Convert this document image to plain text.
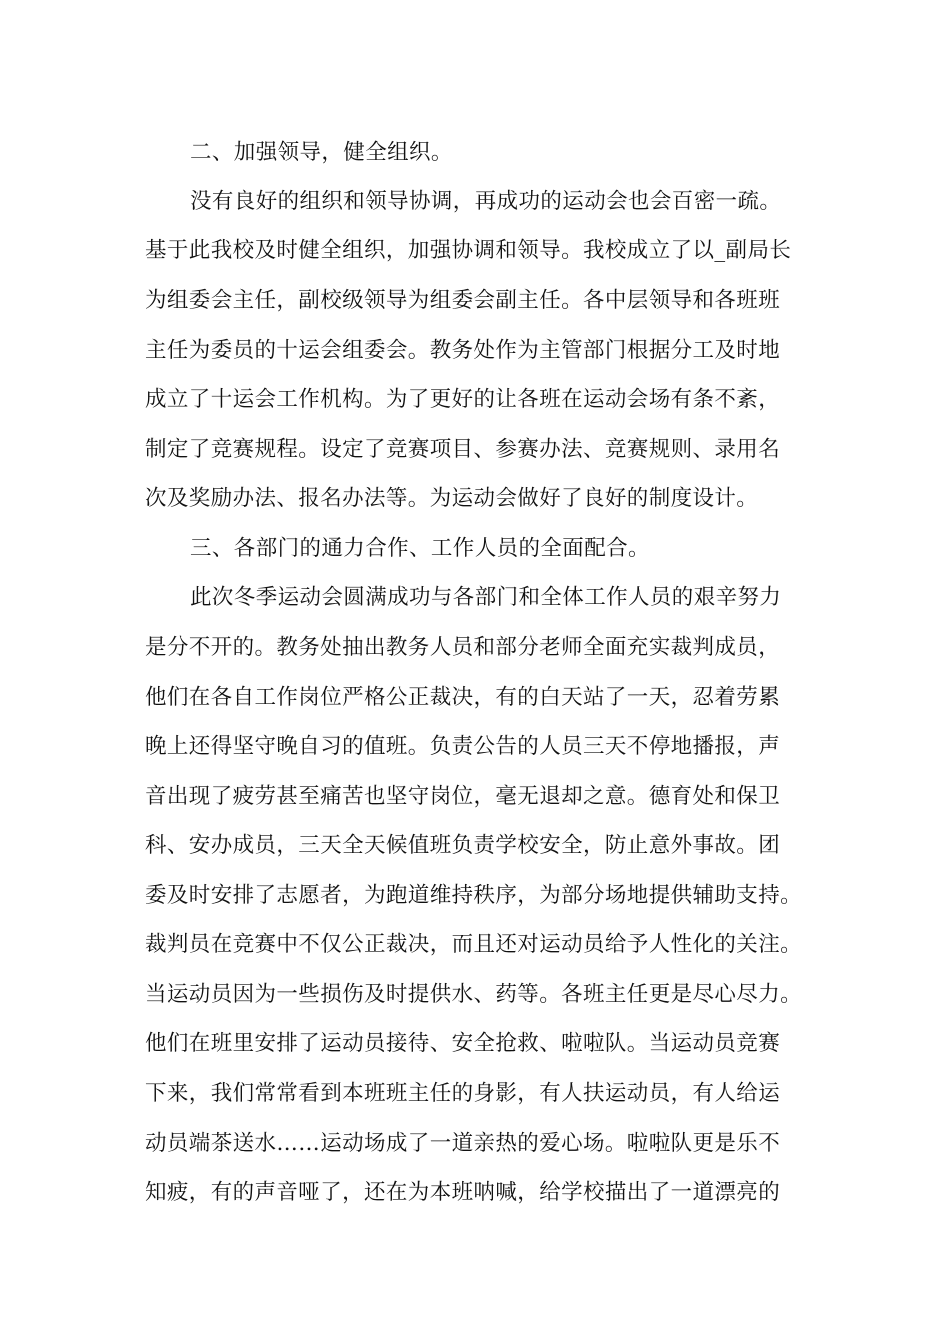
二、加强领导，健全组织。

没有良好的组织和领导协调，再成功的运动会也会百密一疏。

基于此我校及时健全组织，加强协调和领导。我校成立了以_副局长

为组委会主任，副校级领导为组委会副主任。各中层领导和各班班

主任为委员的十运会组委会。教务处作为主管部门根据分工及时地

成立了十运会工作机构。为了更好的让各班在运动会场有条不紊，

制定了竞赛规程。设定了竞赛项目、参赛办法、竞赛规则、录用名

次及奖励办法、报名办法等。为运动会做好了良好的制度设计。

三、各部门的通力合作、工作人员的全面配合。

此次冬季运动会圆满成功与各部门和全体工作人员的艰辛努力

是分不开的。教务处抽出教务人员和部分老师全面充实裁判成员，

他们在各自工作岗位严格公正裁决，有的白天站了一天，忍着劳累

晚上还得坚守晚自习的值班。负责公告的人员三天不停地播报，声

音出现了疲劳甚至痛苦也坚守岗位，毫无退却之意。德育处和保卫

科、安办成员，三天全天候值班负责学校安全，防止意外事故。团

委及时安排了志愿者，为跑道维持秩序，为部分场地提供辅助支持。

裁判员在竞赛中不仅公正裁决，而且还对运动员给予人性化的关注。

当运动员因为一些损伤及时提供水、药等。各班主任更是尽心尽力。

他们在班里安排了运动员接待、安全抢救、啦啦队。当运动员竞赛

下来，我们常常看到本班班主任的身影，有人扶运动员，有人给运

动员端茶送水……运动场成了一道亲热的爱心场。啦啦队更是乐不

知疲，有的声音哑了，还在为本班呐喊，给学校描出了一道漂亮的
